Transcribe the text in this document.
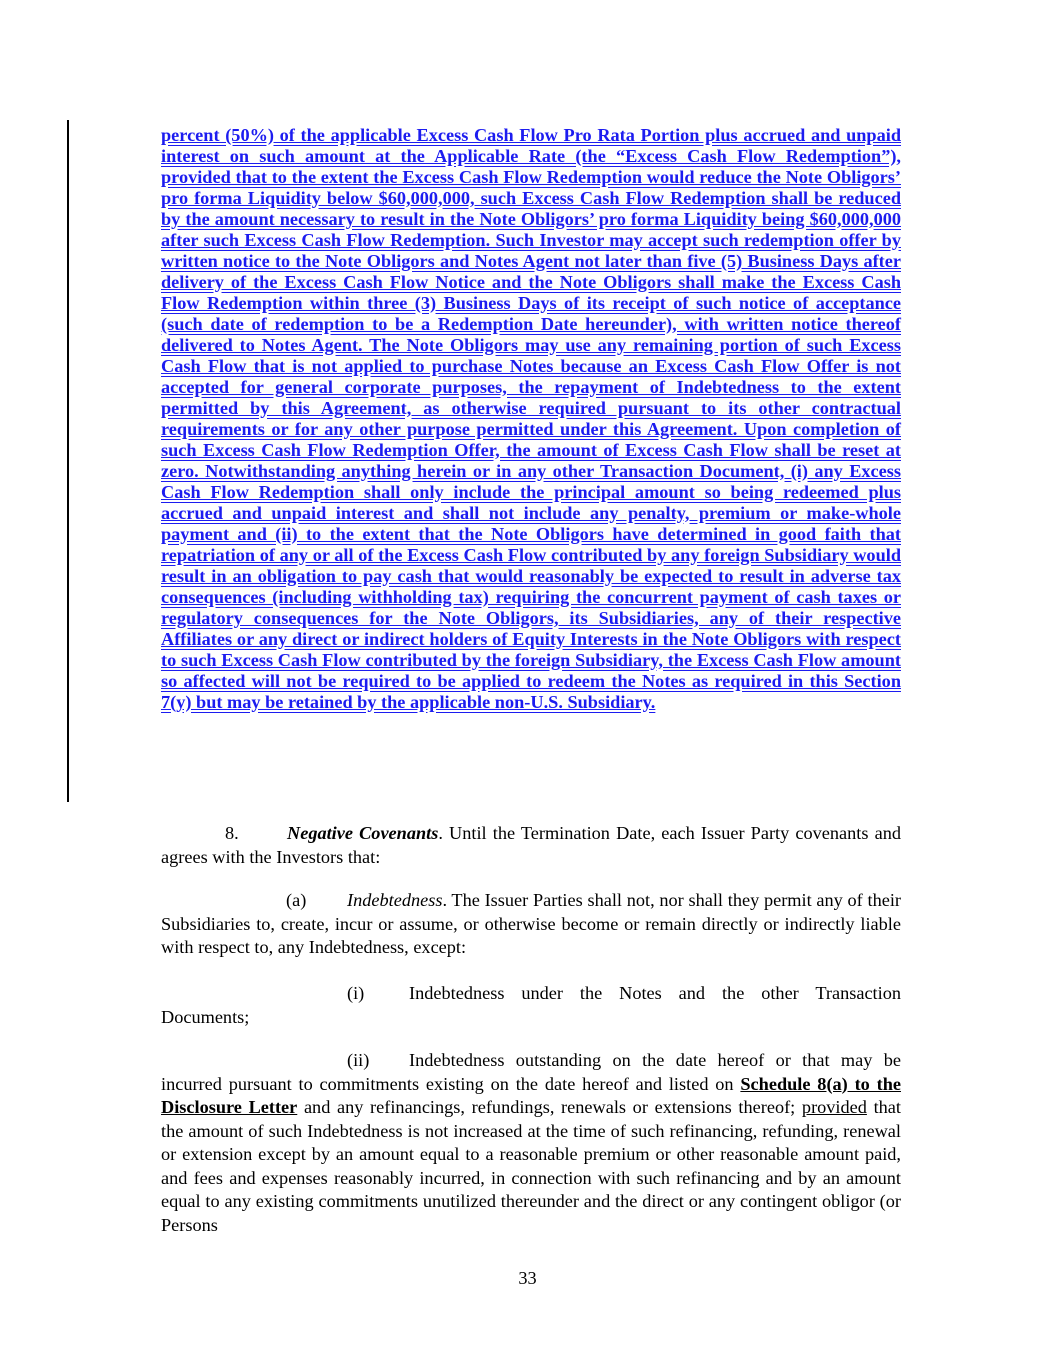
percent (50%) of the applicable Excess Cash Flow Pro Rata Portion plus accrued and unpaid interest on such amount at the Applicable Rate (the “Excess Cash Flow Redemption”), provided that to the extent the Excess Cash Flow Redemption would reduce the Note Obligors’ pro forma Liquidity below $60,000,000, such Excess Cash Flow Redemption shall be reduced by the amount necessary to result in the Note Obligors’ pro forma Liquidity being $60,000,000 after such Excess Cash Flow Redemption. Such Investor may accept such redemption offer by written notice to the Note Obligors and Notes Agent not later than five (5) Business Days after delivery of the Excess Cash Flow Notice and the Note Obligors shall make the Excess Cash Flow Redemption within three (3) Business Days of its receipt of such notice of acceptance (such date of redemption to be a Redemption Date hereunder), with written notice thereof delivered to Notes Agent. The Note Obligors may use any remaining portion of such Excess Cash Flow that is not applied to purchase Notes because an Excess Cash Flow Offer is not accepted for general corporate purposes, the repayment of Indebtedness to the extent permitted by this Agreement, as otherwise required pursuant to its other contractual requirements or for any other purpose permitted under this Agreement. Upon completion of such Excess Cash Flow Redemption Offer, the amount of Excess Cash Flow shall be reset at zero. Notwithstanding anything herein or in any other Transaction Document, (i) any Excess Cash Flow Redemption shall only include the principal amount so being redeemed plus accrued and unpaid interest and shall not include any penalty, premium or make-whole payment and (ii) to the extent that the Note Obligors have determined in good faith that repatriation of any or all of the Excess Cash Flow contributed by any foreign Subsidiary would result in an obligation to pay cash that would reasonably be expected to result in adverse tax consequences (including withholding tax) requiring the concurrent payment of cash taxes or regulatory consequences for the Note Obligors, its Subsidiaries, any of their respective Affiliates or any direct or indirect holders of Equity Interests in the Note Obligors with respect to such Excess Cash Flow contributed by the foreign Subsidiary, the Excess Cash Flow amount so affected will not be required to be applied to redeem the Notes as required in this Section 7(y) but may be retained by the applicable non-U.S. Subsidiary.
8.	Negative Covenants. Until the Termination Date, each Issuer Party covenants and agrees with the Investors that:
(a) Indebtedness. The Issuer Parties shall not, nor shall they permit any of their Subsidiaries to, create, incur or assume, or otherwise become or remain directly or indirectly liable with respect to, any Indebtedness, except:
(i) Indebtedness under the Notes and the other Transaction Documents;
(ii) Indebtedness outstanding on the date hereof or that may be incurred pursuant to commitments existing on the date hereof and listed on Schedule 8(a) to the Disclosure Letter and any refinancings, refundings, renewals or extensions thereof; provided that the amount of such Indebtedness is not increased at the time of such refinancing, refunding, renewal or extension except by an amount equal to a reasonable premium or other reasonable amount paid, and fees and expenses reasonably incurred, in connection with such refinancing and by an amount equal to any existing commitments unutilized thereunder and the direct or any contingent obligor (or Persons
33
